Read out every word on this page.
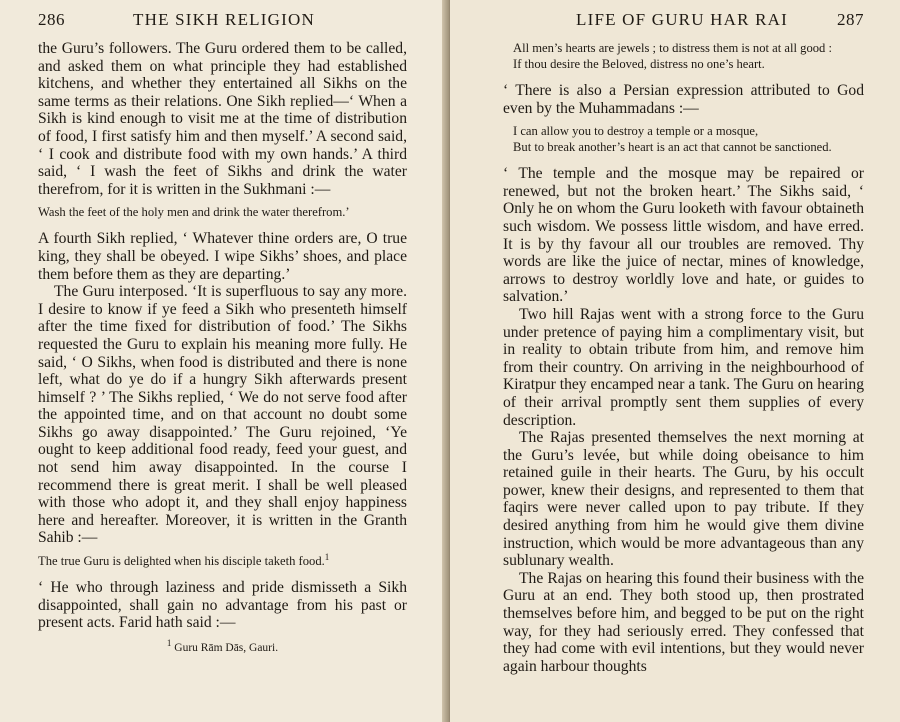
286	THE SIKH RELIGION

the Guru’s followers. The Guru ordered them to be called, and asked them on what principle they had established kitchens, and whether they entertained all Sikhs on the same terms as their relations. One Sikh replied—‘ When a Sikh is kind enough to visit me at the time of distribution of food, I first satisfy him and then myself.’ A second said, ‘ I cook and distribute food with my own hands.’ A third said, ‘ I wash the feet of Sikhs and drink the water therefrom, for it is written in the Sukhmani :—

Wash the feet of the holy men and drink the water therefrom.’

A fourth Sikh replied, ‘ Whatever thine orders are, O true king, they shall be obeyed. I wipe Sikhs’ shoes, and place them before them as they are departing.’

The Guru interposed. ‘It is superfluous to say any more. I desire to know if ye feed a Sikh who presenteth himself after the time fixed for distribution of food.’ The Sikhs requested the Guru to explain his meaning more fully. He said, ‘ O Sikhs, when food is distributed and there is none left, what do ye do if a hungry Sikh afterwards present himself ? ’ The Sikhs replied, ‘ We do not serve food after the appointed time, and on that account no doubt some Sikhs go away disappointed.’ The Guru rejoined, ‘Ye ought to keep additional food ready, feed your guest, and not send him away disappointed. In the course I recommend there is great merit. I shall be well pleased with those who adopt it, and they shall enjoy happiness here and hereafter. Moreover, it is written in the Granth Sahib :—

The true Guru is delighted when his disciple taketh food.$^1$

‘ He who through laziness and pride dismisseth a Sikh disappointed, shall gain no advantage from his past or present acts. Farid hath said :—

$^1$ Guru Rām Dās, Gauri.
LIFE OF GURU HAR RAI	287
All men’s hearts are jewels ; to distress them is not at all good :
If thou desire the Beloved, distress no one’s heart.

‘ There is also a Persian expression attributed to God even by the Muhammadans :—

I can allow you to destroy a temple or a mosque,
But to break another’s heart is an act that cannot be sanctioned.

‘ The temple and the mosque may be repaired or renewed, but not the broken heart.’ The Sikhs said, ‘ Only he on whom the Guru looketh with favour obtaineth such wisdom. We possess little wisdom, and have erred. It is by thy favour all our troubles are removed. Thy words are like the juice of nectar, mines of knowledge, arrows to destroy worldly love and hate, or guides to salvation.’

Two hill Rajas went with a strong force to the Guru under pretence of paying him a complimentary visit, but in reality to obtain tribute from him, and remove him from their country. On arriving in the neighbourhood of Kiratpur they encamped near a tank. The Guru on hearing of their arrival promptly sent them supplies of every description.

The Rajas presented themselves the next morning at the Guru’s levée, but while doing obeisance to him retained guile in their hearts. The Guru, by his occult power, knew their designs, and represented to them that faqirs were never called upon to pay tribute. If they desired anything from him he would give them divine instruction, which would be more advantageous than any sublunary wealth.

The Rajas on hearing this found their business with the Guru at an end. They both stood up, then prostrated themselves before him, and begged to be put on the right way, for they had seriously erred. They confessed that they had come with evil intentions, but they would never again harbour thoughts
